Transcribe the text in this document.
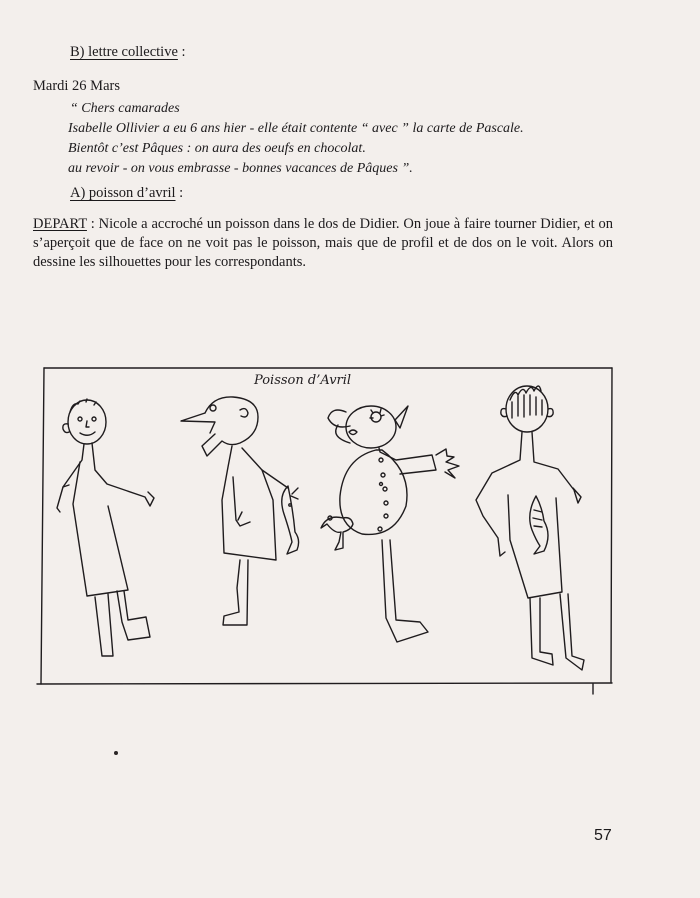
B) lettre collective :
Mardi 26 Mars
“ Chers camarades
Isabelle Ollivier a eu 6 ans hier - elle était contente “ avec ” la carte de Pascale.
Bientôt c’est Pâques : on aura des oeufs en chocolat.
au revoir - on vous embrasse - bonnes vacances de Pâques ”.
A) poisson d’avril :
DEPART : Nicole a accroché un poisson dans le dos de Didier. On joue à faire tourner Didier, et on s’aperçoit que de face on ne voit pas le poisson, mais que de profil et de dos on le voit. Alors on dessine les silhouettes pour les correspondants.
Poisson d’Avril
57
